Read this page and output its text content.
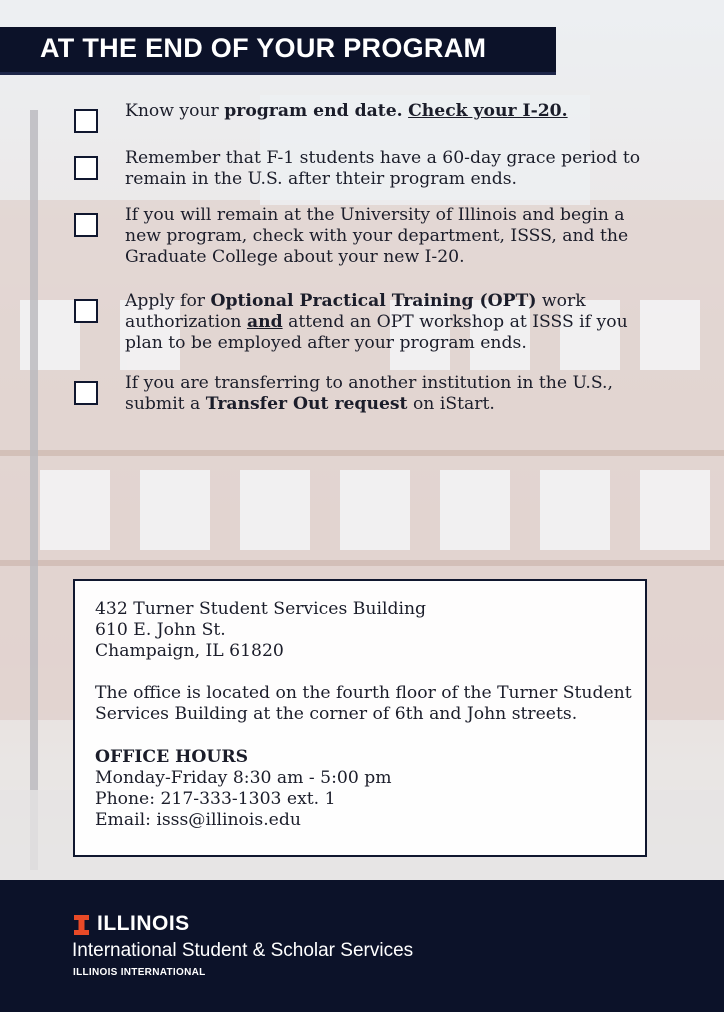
AT THE END OF YOUR PROGRAM
Know your program end date. Check your I-20.
Remember that F-1 students have a 60-day grace period to remain in the U.S. after thteir program ends.
If you will remain at the University of Illinois and begin a new program, check with your department, ISSS, and the Graduate College about your new I-20.
Apply for Optional Practical Training (OPT) work authorization and attend an OPT workshop at ISSS if you plan to be employed after your program ends.
If you are transferring to another institution in the U.S., submit a Transfer Out request on iStart.

432 Turner Student Services Building

610 E. John St.

Champaign, IL 61820

The office is located on the fourth floor of the Turner Student Services Building at the corner of 6th and John streets.

OFFICE HOURS

Monday-Friday 8:30 am - 5:00 pm

Phone: 217-333-1303 ext. 1

Email: isss@illinois.edu

ILLINOIS
International Student & Scholar Services
ILLINOIS INTERNATIONAL
